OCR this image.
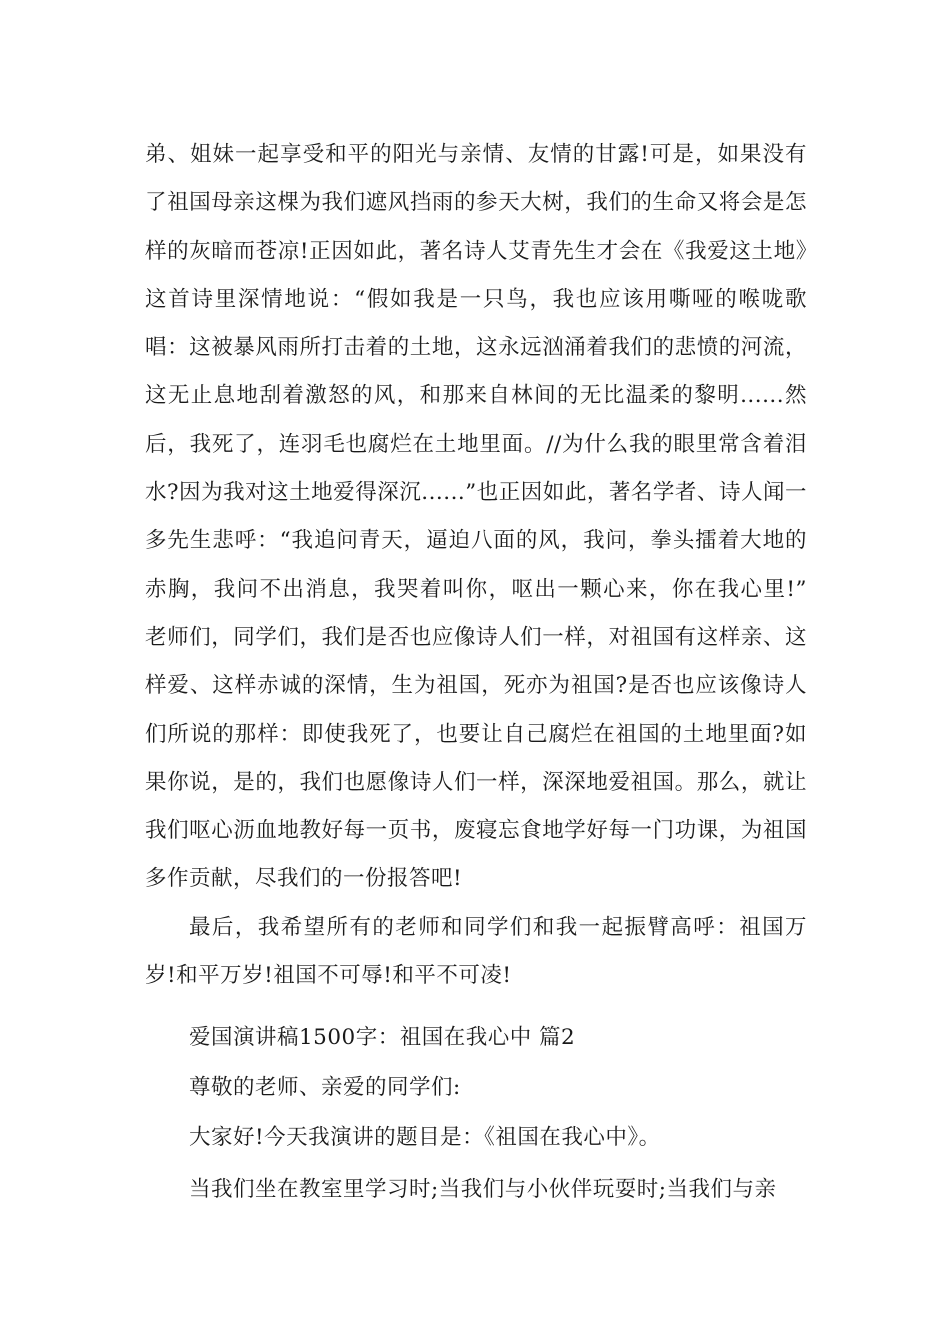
弟、姐妹一起享受和平的阳光与亲情、友情的甘露!可是，如果没有了祖国母亲这棵为我们遮风挡雨的参天大树，我们的生命又将会是怎样的灰暗而苍凉!正因如此，著名诗人艾青先生才会在《我爱这土地》这首诗里深情地说：“假如我是一只鸟，我也应该用嘶哑的喉咙歌唱：这被暴风雨所打击着的土地，这永远汹涌着我们的悲愤的河流，这无止息地刮着激怒的风，和那来自林间的无比温柔的黎明......然后，我死了，连羽毛也腐烂在土地里面。//为什么我的眼里常含着泪水?因为我对这土地爱得深沉......”也正因如此，著名学者、诗人闻一多先生悲呼：“我追问青天，逼迫八面的风，我问，拳头擂着大地的赤胸，我问不出消息，我哭着叫你，呕出一颗心来，你在我心里!” 老师们，同学们，我们是否也应像诗人们一样，对祖国有这样亲、这样爱、这样赤诚的深情，生为祖国，死亦为祖国?是否也应该像诗人们所说的那样：即使我死了，也要让自己腐烂在祖国的土地里面?如果你说，是的，我们也愿像诗人们一样，深深地爱祖国。那么，就让我们呕心沥血地教好每一页书，废寝忘食地学好每一门功课，为祖国多作贡献，尽我们的一份报答吧!

最后，我希望所有的老师和同学们和我一起振臂高呼：祖国万岁!和平万岁!祖国不可辱!和平不可凌!

爱国演讲稿1500字：祖国在我心中 篇2

尊敬的老师、亲爱的同学们:

大家好!今天我演讲的题目是：《祖国在我心中》。

当我们坐在教室里学习时;当我们与小伙伴玩耍时;当我们与亲
